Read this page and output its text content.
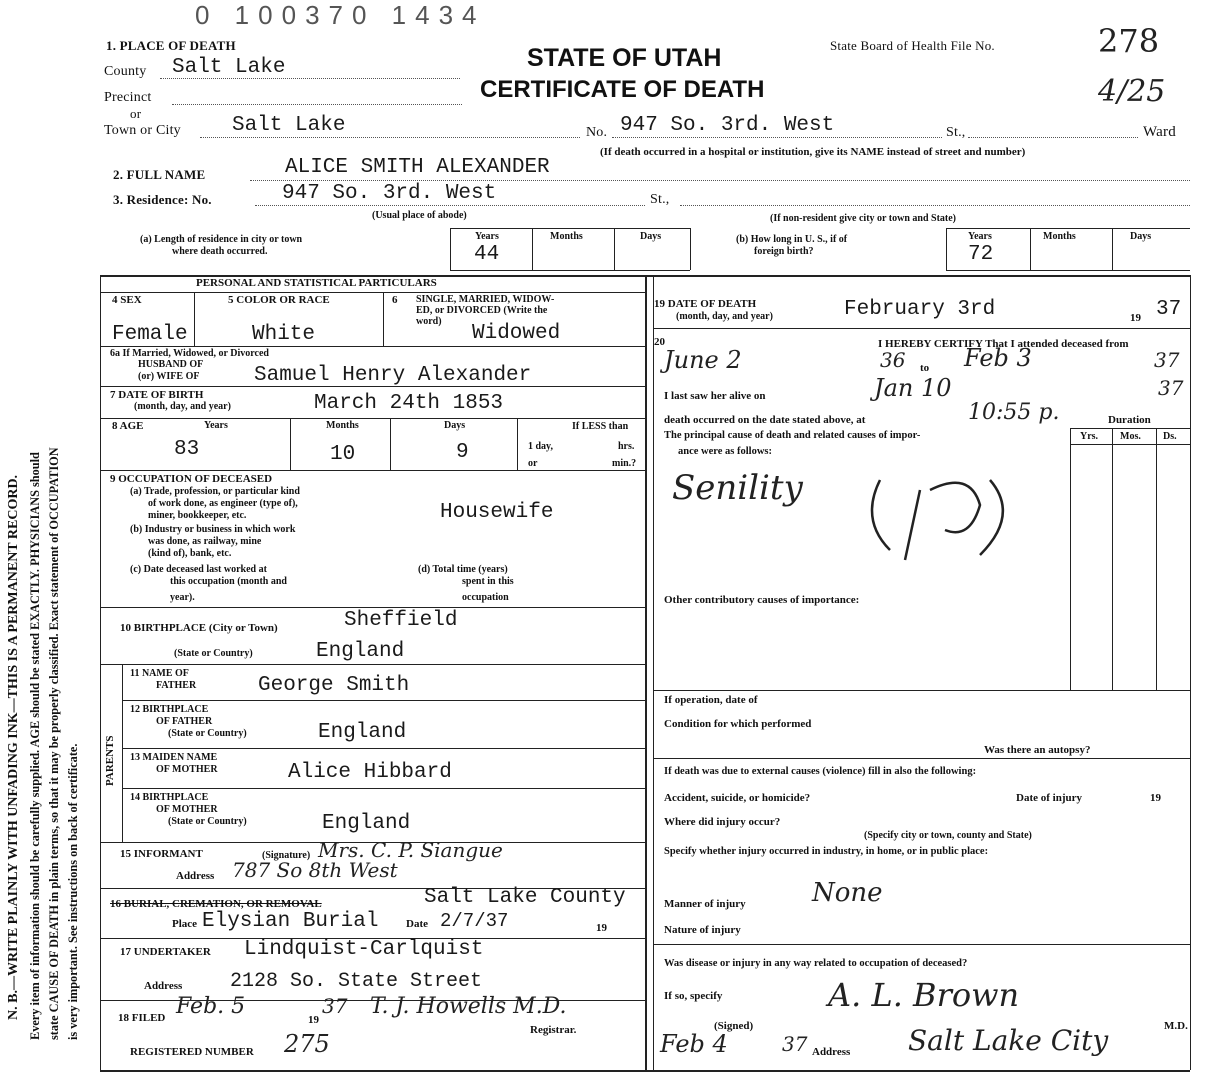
0 100370 1434
N. B.—WRITE PLAINLY WITH UNFADING INK—THIS IS A PERMANENT RECORD. Every item of information should be carefully supplied. AGE should be stated EXACTLY. PHYSICIANS should state CAUSE OF DEATH in plain terms, so that it may be properly classified. Exact statement of OCCUPATION is very important. See instructions on back of certificate.
1. PLACE OF DEATH	STATE OF UTAH
CERTIFICATE OF DEATH
State Board of Health File No.	278
4/25
County Salt Lake
Precinct
or
Town or City Salt Lake	No. 947 So. 3rd. West	St.,	Ward
(If death occurred in a hospital or institution, give its NAME instead of street and number)
2. FULL NAME	ALICE SMITH ALEXANDER
3. Residence: No.	947 So. 3rd. West	St.,
(Usual place of abode)	(If non-resident give city or town and State)
(a) Length of residence in city or town
where death occurred.
Years	Months	Days
44
(b) How long in U. S., if of
foreign birth?
Years	Months	Days
72
PERSONAL AND STATISTICAL PARTICULARS
4 SEX	5 COLOR OR RACE	6 SINGLE, MARRIED, WIDOW-
ED, or DIVORCED (Write the
word)
Female	White	Widowed
6a If Married, Widowed, or Divorced
HUSBAND OF
(or) WIFE OF	Samuel Henry Alexander
7 DATE OF BIRTH
(month, day, and year)	March 24th 1853
8 AGE	Years	Months	Days	If LESS than
83	10	9	1 day,	hrs.
or	min.?
9 OCCUPATION OF DECEASED
(a) Trade, profession, or particular kind
of work done, as engineer (type of),
miner, bookkeeper, etc.	Housewife
(b) Industry or business in which work
was done, as railway, mine
(kind of), bank, etc.
(c) Date deceased last worked at
this occupation (month and
year).
(d) Total time (years)
spent in this
occupation
10 BIRTHPLACE (City or Town)	Sheffield
(State or Country)	England
PARENTS
11 NAME OF
FATHER	George Smith
12 BIRTHPLACE
OF FATHER
(State or Country)	England
13 MAIDEN NAME
OF MOTHER	Alice Hibbard
14 BIRTHPLACE
OF MOTHER
(State or Country)	England
15 INFORMANT	(Signature) Mrs. C. P. Siangue
Address 787 So 8th West
16 BURIAL, CREMATION, OR REMOVAL	Salt Lake County
Place Elysian Burial	Date 2/7/37	19
17 UNDERTAKER Lindquist-Carlquist
Address 2128 So. State Street
18 FILED Feb. 5
19
37 T. J. Howells M.D.
Registrar.
REGISTERED NUMBER 275
19 DATE OF DEATH
(month, day, and year)	February 3rd	19 37
20	I HEREBY CERTIFY That I attended deceased from
June 2	36 to Feb 3	37
I last saw her alive on	Jan 10	37
death occurred on the date stated above, at	10:55 p.	Duration
The principal cause of death and related causes of impor-
ance were as follows:
Yrs. Mos. Ds.
Senility
Other contributory causes of importance:
If operation, date of
Condition for which performed
Was there an autopsy?
If death was due to external causes (violence) fill in also the following:
Accident, suicide, or homicide?	Date of injury	19
Where did injury occur?
(Specify city or town, county and State)
Specify whether injury occurred in industry, in home, or in public place:
Manner of injury	None
Nature of injury
Was disease or injury in any way related to occupation of deceased?
If so, specify	A. L. Brown
(Signed)	M.D.
Feb 4	37 Address Salt Lake City
